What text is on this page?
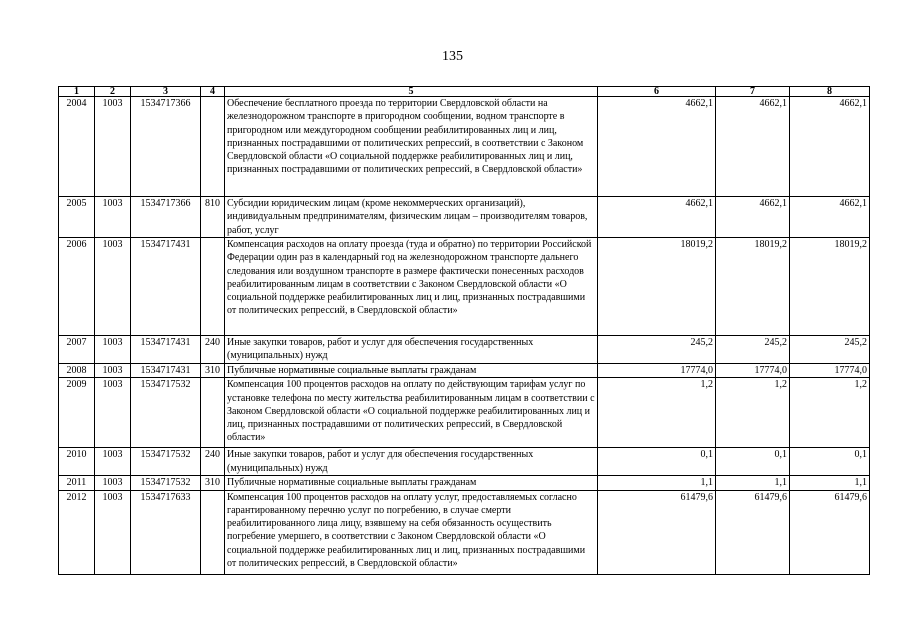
135
1	2	3	4	5	6	7	8
2004	1003	1534717366		Обеспечение бесплатного проезда по территории Свердловской области на железнодорожном транспорте в пригородном сообщении, водном транспорте в пригородном или междугородном сообщении реабилитированных лиц и лиц, признанных пострадавшими от политических репрессий, в соответствии с Законом Свердловской области «О социальной поддержке реабилитированных лиц и лиц, признанных пострадавшими от политических репрессий, в Свердловской области»	4662,1	4662,1	4662,1
2005	1003	1534717366	810	Субсидии юридическим лицам (кроме некоммерческих организаций), индивидуальным предпринимателям, физическим лицам – производителям товаров, работ, услуг	4662,1	4662,1	4662,1
2006	1003	1534717431		Компенсация расходов на оплату проезда (туда и обратно) по территории Российской Федерации один раз в календарный год на железнодорожном транспорте дальнего следования или воздушном транспорте в размере фактически понесенных расходов реабилитированным лицам в соответствии с Законом Свердловской области «О социальной поддержке реабилитированных лиц и лиц, признанных пострадавшими от политических репрессий, в Свердловской области»	18019,2	18019,2	18019,2
2007	1003	1534717431	240	Иные закупки товаров, работ и услуг для обеспечения государственных (муниципальных) нужд	245,2	245,2	245,2
2008	1003	1534717431	310	Публичные нормативные социальные выплаты гражданам	17774,0	17774,0	17774,0
2009	1003	1534717532		Компенсация 100 процентов расходов на оплату по действующим тарифам услуг по установке телефона по месту жительства реабилитированным лицам в соответствии с Законом Свердловской области «О социальной поддержке реабилитированных лиц и лиц, признанных пострадавшими от политических репрессий, в Свердловской области»	1,2	1,2	1,2
2010	1003	1534717532	240	Иные закупки товаров, работ и услуг для обеспечения государственных (муниципальных) нужд	0,1	0,1	0,1
2011	1003	1534717532	310	Публичные нормативные социальные выплаты гражданам	1,1	1,1	1,1
2012	1003	1534717633		Компенсация 100 процентов расходов на оплату услуг, предоставляемых согласно гарантированному перечню услуг по погребению, в случае смерти реабилитированного лица лицу, взявшему на себя обязанность осуществить погребение умершего, в соответствии с Законом Свердловской области «О социальной поддержке реабилитированных лиц и лиц, признанных пострадавшими от политических репрессий, в Свердловской области»	61479,6	61479,6	61479,6
